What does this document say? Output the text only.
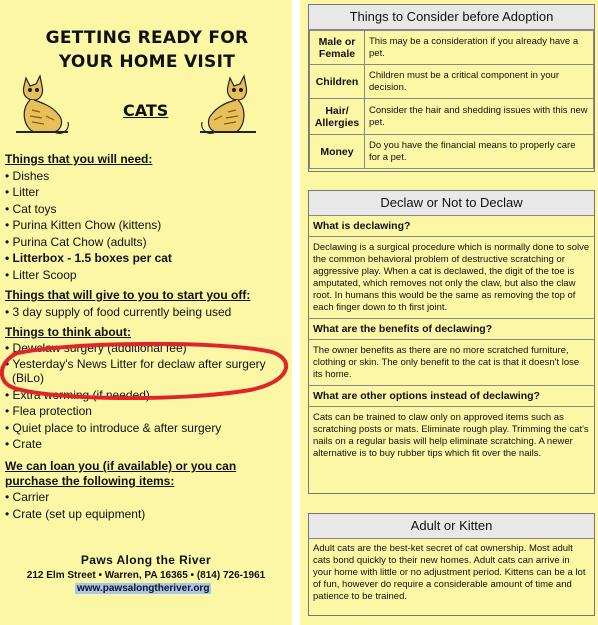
GETTING READY FOR
YOUR HOME VISIT
CATS
Things that you will need:
• Dishes
• Litter
• Cat toys
• Purina Kitten Chow (kittens)
• Purina Cat Chow (adults)
• Litterbox - 1.5 boxes per cat
• Litter Scoop
Things that will give to you to start you off:
• 3 day supply of food currently being used
Things to think about:
• Dewclaw surgery (additional fee)
• Yesterday's News Litter for declaw after surgery
(BiLo)
• Extra worming (if needed)
• Flea protection
• Quiet place to introduce & after surgery
• Crate
We can loan you (if available) or you can
purchase the following items:
• Carrier
• Crate (set up equipment)
Paws Along the River
212 Elm Street • Warren, PA 16365 • (814) 726-1961
www.pawsalongtheriver.org
Things to Consider before Adoption
Male or
Female	This may be a consideration if you already have a pet.
Children	Children must be a critical component in your decision.
Hair/
Allergies	Consider the hair and shedding issues with this new pet.
Money	Do you have the financial means to properly care for a pet.
Declaw or Not to Declaw
What is declawing?
Declawing is a surgical procedure which is normally done to solve the common behavioral problem of destructive scratching or aggressive play. When a cat is declawed, the digit of the toe is amputated, which removes not only the claw, but also the claw root. In humans this would be the same as removing the top of each finger down to th first joint.
What are the benefits of declawing?
The owner benefits as there are no more scratched furniture, clothing or skin. The only benefit to the cat is that it doesn't lose its home.
What are other options instead of declawing?
Cats can be trained to claw only on approved items such as scratching posts or mats. Eliminate rough play. Trimming the cat's nails on a regular basis will help eliminate scratching. A newer alternative is to buy rubber tips which fit over the nails.
Adult or Kitten
Adult cats are the best-ket secret of cat ownership. Most adult cats bond quickly to their new homes. Adult cats can arrive in your home with little or no adjustment period. Kittens can be a lot of fun, however do require a considerable amount of time and patience to be trained.
